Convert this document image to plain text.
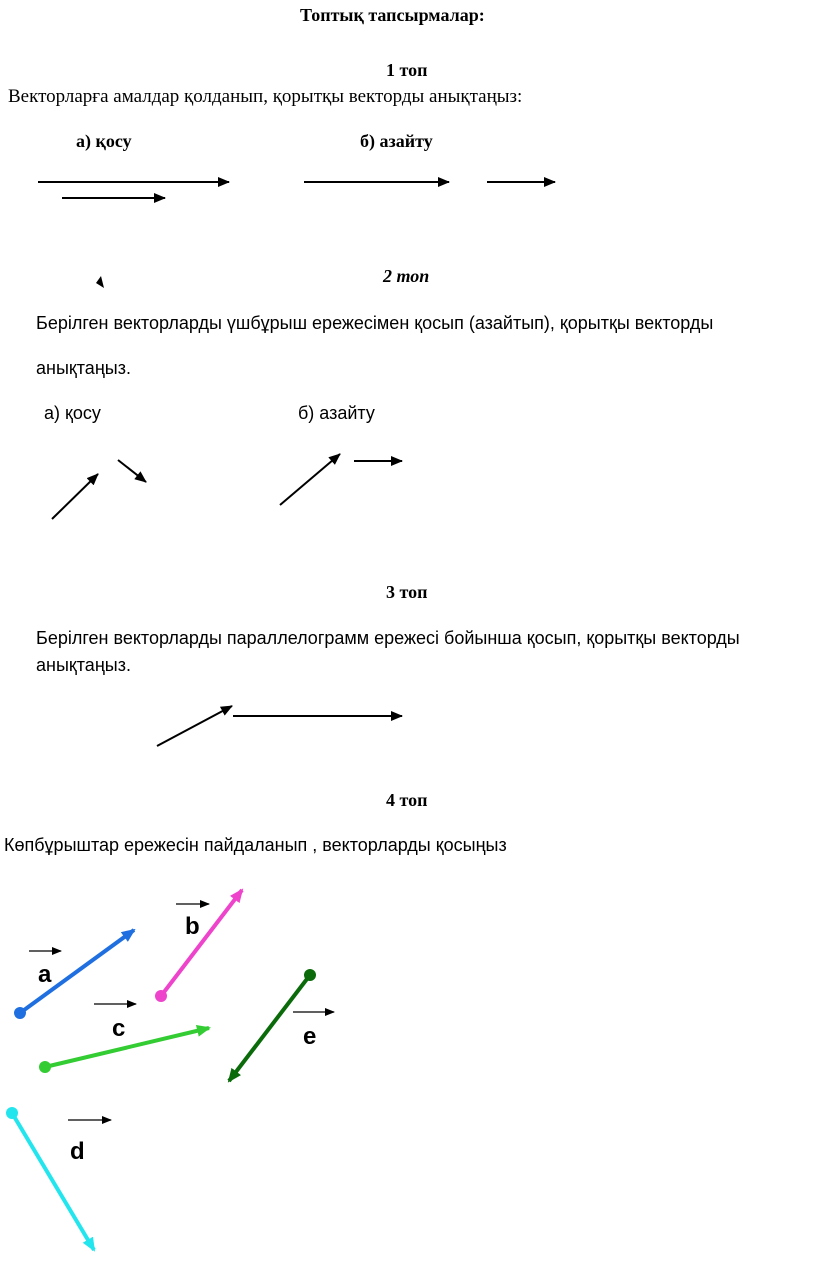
Топтық тапсырмалар:
1 топ
Векторларға амалдар қолданып, қорытқы векторды анықтаңыз:
а) қосу	б) азайту
2 топ
Берілген векторларды үшбұрыш ережесімен қосып (азайтып), қорытқы векторды
анықтаңыз.
а) қосу	б) азайту
3 топ
Берілген векторларды параллелограмм ережесі бойынша қосып, қорытқы векторды
анықтаңыз.
4 топ
Көпбұрыштар ережесін пайдаланып , векторларды қосыңыз
a
b
c
d
e
